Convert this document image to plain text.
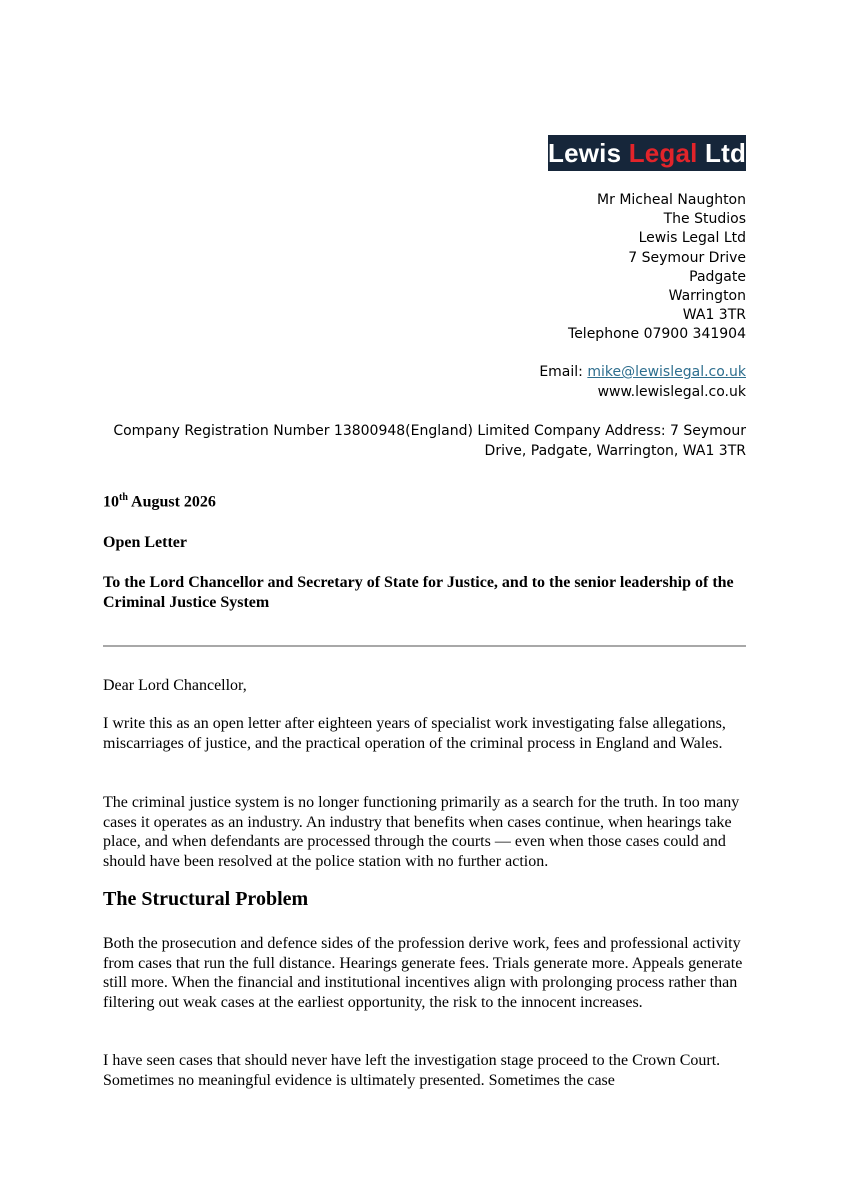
Lewis Legal Ltd
Mr Micheal Naughton
The Studios
Lewis Legal Ltd
7 Seymour Drive
Padgate
Warrington
WA1 3TR
Telephone 07900 341904
Email: mike@lewislegal.co.uk
www.lewislegal.co.uk
Company Registration Number 13800948(England) Limited Company Address: 7 Seymour Drive, Padgate, Warrington, WA1 3TR
10th August 2026
Open Letter
To the Lord Chancellor and Secretary of State for Justice, and to the senior leadership of the Criminal Justice System
Dear Lord Chancellor,
I write this as an open letter after eighteen years of specialist work investigating false allegations, miscarriages of justice, and the practical operation of the criminal process in England and Wales.
The criminal justice system is no longer functioning primarily as a search for the truth. In too many cases it operates as an industry. An industry that benefits when cases continue, when hearings take place, and when defendants are processed through the courts — even when those cases could and should have been resolved at the police station with no further action.
The Structural Problem
Both the prosecution and defence sides of the profession derive work, fees and professional activity from cases that run the full distance. Hearings generate fees. Trials generate more. Appeals generate still more. When the financial and institutional incentives align with prolonging process rather than filtering out weak cases at the earliest opportunity, the risk to the innocent increases.
I have seen cases that should never have left the investigation stage proceed to the Crown Court. Sometimes no meaningful evidence is ultimately presented. Sometimes the case
